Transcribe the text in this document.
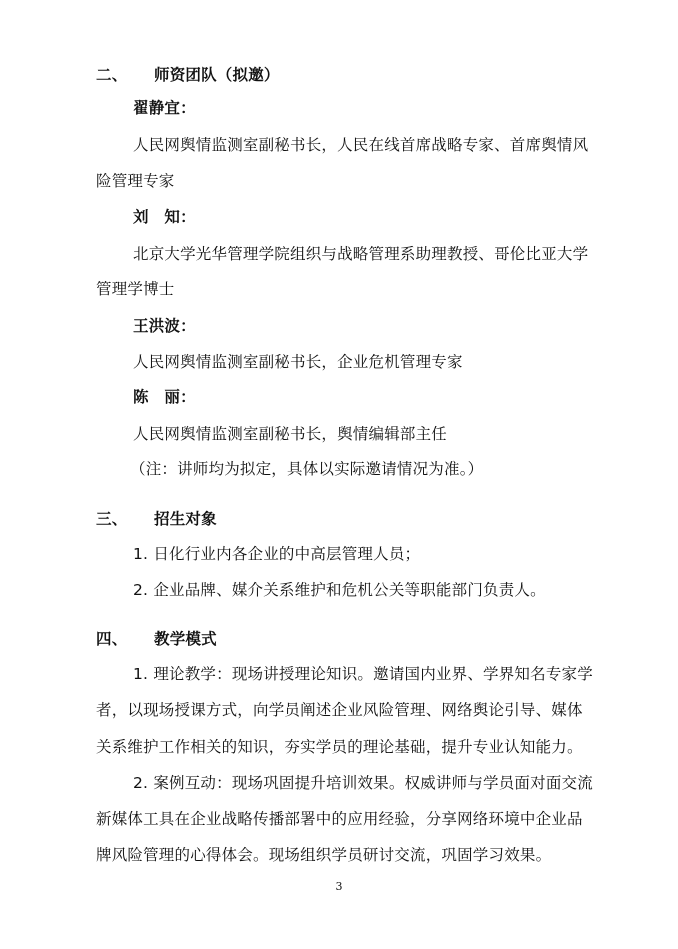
二、 师资团队（拟邀）
翟静宜：
人民网舆情监测室副秘书长，人民在线首席战略专家、首席舆情风
险管理专家
刘　知：
北京大学光华管理学院组织与战略管理系助理教授、哥伦比亚大学
管理学博士
王洪波：
人民网舆情监测室副秘书长，企业危机管理专家
陈　丽：
人民网舆情监测室副秘书长，舆情编辑部主任
（注：讲师均为拟定，具体以实际邀请情况为准。）
三、 招生对象
1. 日化行业内各企业的中高层管理人员；
2. 企业品牌、媒介关系维护和危机公关等职能部门负责人。
四、 教学模式
1. 理论教学：现场讲授理论知识。邀请国内业界、学界知名专家学
者，以现场授课方式，向学员阐述企业风险管理、网络舆论引导、媒体
关系维护工作相关的知识，夯实学员的理论基础，提升专业认知能力。
2. 案例互动：现场巩固提升培训效果。权威讲师与学员面对面交流
新媒体工具在企业战略传播部署中的应用经验，分享网络环境中企业品
牌风险管理的心得体会。现场组织学员研讨交流，巩固学习效果。
3
